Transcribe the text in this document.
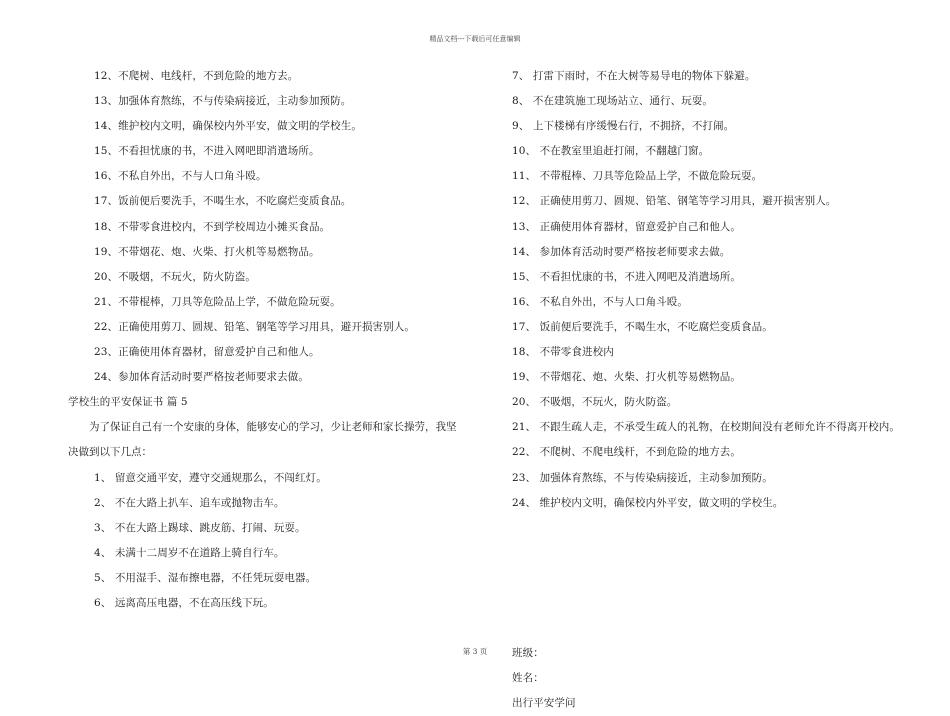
精品文档---下载后可任意编辑
12、不爬树、电线杆，不到危险的地方去。
13、加强体育熬练，不与传染病接近，主动参加预防。
14、维护校内文明，确保校内外平安，做文明的学校生。
15、不看担忧康的书，不进入网吧即消遣场所。
16、不私自外出，不与人口角斗殴。
17、饭前便后要洗手，不喝生水，不吃腐烂变质食品。
18、不带零食进校内，不到学校周边小摊买食品。
19、不带烟花、炮、火柴、打火机等易燃物品。
20、不吸烟，不玩火，防火防盗。
21、不带棍棒，刀具等危险品上学，不做危险玩耍。
22、正确使用剪刀、圆规、铅笔、钢笔等学习用具，避开损害别人。
23、正确使用体育器材，留意爱护自己和他人。
24、参加体育活动时要严格按老师要求去做。
学校生的平安保证书 篇 5
为了保证自己有一个安康的身体，能够安心的学习，少让老师和家长操劳，我坚决做到以下几点：
1、 留意交通平安，遵守交通规那么，不闯红灯。
2、 不在大路上扒车、追车或抛物击车。
3、 不在大路上踢球、跳皮筋、打闹、玩耍。
4、 未满十二周岁不在道路上骑自行车。
5、 不用湿手、湿布擦电器，不任凭玩耍电器。
6、 远离高压电器，不在高压线下玩。
7、 打雷下雨时，不在大树等易导电的物体下躲避。
8、 不在建筑施工现场站立、通行、玩耍。
9、 上下楼梯有序缓慢右行，不拥挤，不打闹。
10、 不在教室里追赶打闹，不翻越门窗。
11、 不带棍棒、刀具等危险品上学，不做危险玩耍。
12、 正确使用剪刀、圆规、铅笔、钢笔等学习用具，避开损害别人。
13、 正确使用体育器材，留意爱护自己和他人。
14、 参加体育活动时要严格按老师要求去做。
15、 不看担忧康的书，不进入网吧及消遣场所。
16、 不私自外出，不与人口角斗殴。
17、 饭前便后要洗手，不喝生水，不吃腐烂变质食品。
18、 不带零食进校内
19、 不带烟花、炮、火柴、打火机等易燃物品。
20、 不吸烟，不玩火，防火防盗。
21、 不跟生疏人走，不承受生疏人的礼物，在校期间没有老师允许不得离开校内。
22、 不爬树、不爬电线杆，不到危险的地方去。
23、 加强体育熬练，不与传染病接近，主动参加预防。
24、 维护校内文明，确保校内外平安，做文明的学校生。
班级：
姓名：
出行平安学问
第 3 页
